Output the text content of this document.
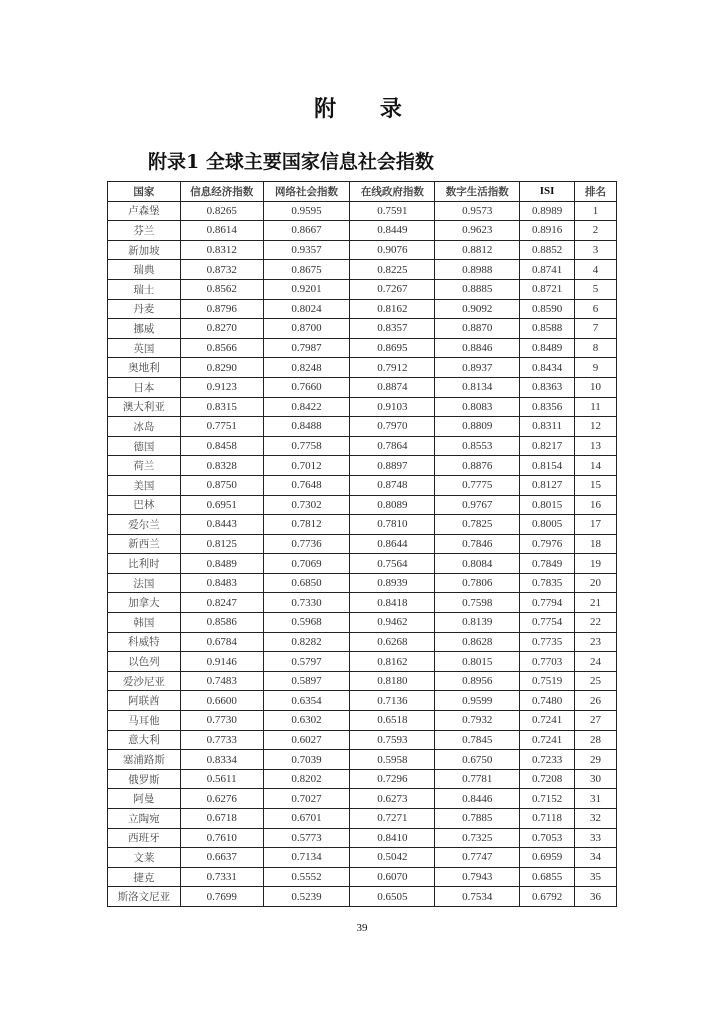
附 录
附录1 全球主要国家信息社会指数
国家	信息经济指数	网络社会指数	在线政府指数	数字生活指数	ISI	排名
卢森堡	0.8265	0.9595	0.7591	0.9573	0.8989	1
芬兰	0.8614	0.8667	0.8449	0.9623	0.8916	2
新加坡	0.8312	0.9357	0.9076	0.8812	0.8852	3
瑞典	0.8732	0.8675	0.8225	0.8988	0.8741	4
瑞士	0.8562	0.9201	0.7267	0.8885	0.8721	5
丹麦	0.8796	0.8024	0.8162	0.9092	0.8590	6
挪威	0.8270	0.8700	0.8357	0.8870	0.8588	7
英国	0.8566	0.7987	0.8695	0.8846	0.8489	8
奥地利	0.8290	0.8248	0.7912	0.8937	0.8434	9
日本	0.9123	0.7660	0.8874	0.8134	0.8363	10
澳大利亚	0.8315	0.8422	0.9103	0.8083	0.8356	11
冰岛	0.7751	0.8488	0.7970	0.8809	0.8311	12
德国	0.8458	0.7758	0.7864	0.8553	0.8217	13
荷兰	0.8328	0.7012	0.8897	0.8876	0.8154	14
美国	0.8750	0.7648	0.8748	0.7775	0.8127	15
巴林	0.6951	0.7302	0.8089	0.9767	0.8015	16
爱尔兰	0.8443	0.7812	0.7810	0.7825	0.8005	17
新西兰	0.8125	0.7736	0.8644	0.7846	0.7976	18
比利时	0.8489	0.7069	0.7564	0.8084	0.7849	19
法国	0.8483	0.6850	0.8939	0.7806	0.7835	20
加拿大	0.8247	0.7330	0.8418	0.7598	0.7794	21
韩国	0.8586	0.5968	0.9462	0.8139	0.7754	22
科威特	0.6784	0.8282	0.6268	0.8628	0.7735	23
以色列	0.9146	0.5797	0.8162	0.8015	0.7703	24
爱沙尼亚	0.7483	0.5897	0.8180	0.8956	0.7519	25
阿联酋	0.6600	0.6354	0.7136	0.9599	0.7480	26
马耳他	0.7730	0.6302	0.6518	0.7932	0.7241	27
意大利	0.7733	0.6027	0.7593	0.7845	0.7241	28
塞浦路斯	0.8334	0.7039	0.5958	0.6750	0.7233	29
俄罗斯	0.5611	0.8202	0.7296	0.7781	0.7208	30
阿曼	0.6276	0.7027	0.6273	0.8446	0.7152	31
立陶宛	0.6718	0.6701	0.7271	0.7885	0.7118	32
西班牙	0.7610	0.5773	0.8410	0.7325	0.7053	33
文莱	0.6637	0.7134	0.5042	0.7747	0.6959	34
捷克	0.7331	0.5552	0.6070	0.7943	0.6855	35
斯洛文尼亚	0.7699	0.5239	0.6505	0.7534	0.6792	36
39
